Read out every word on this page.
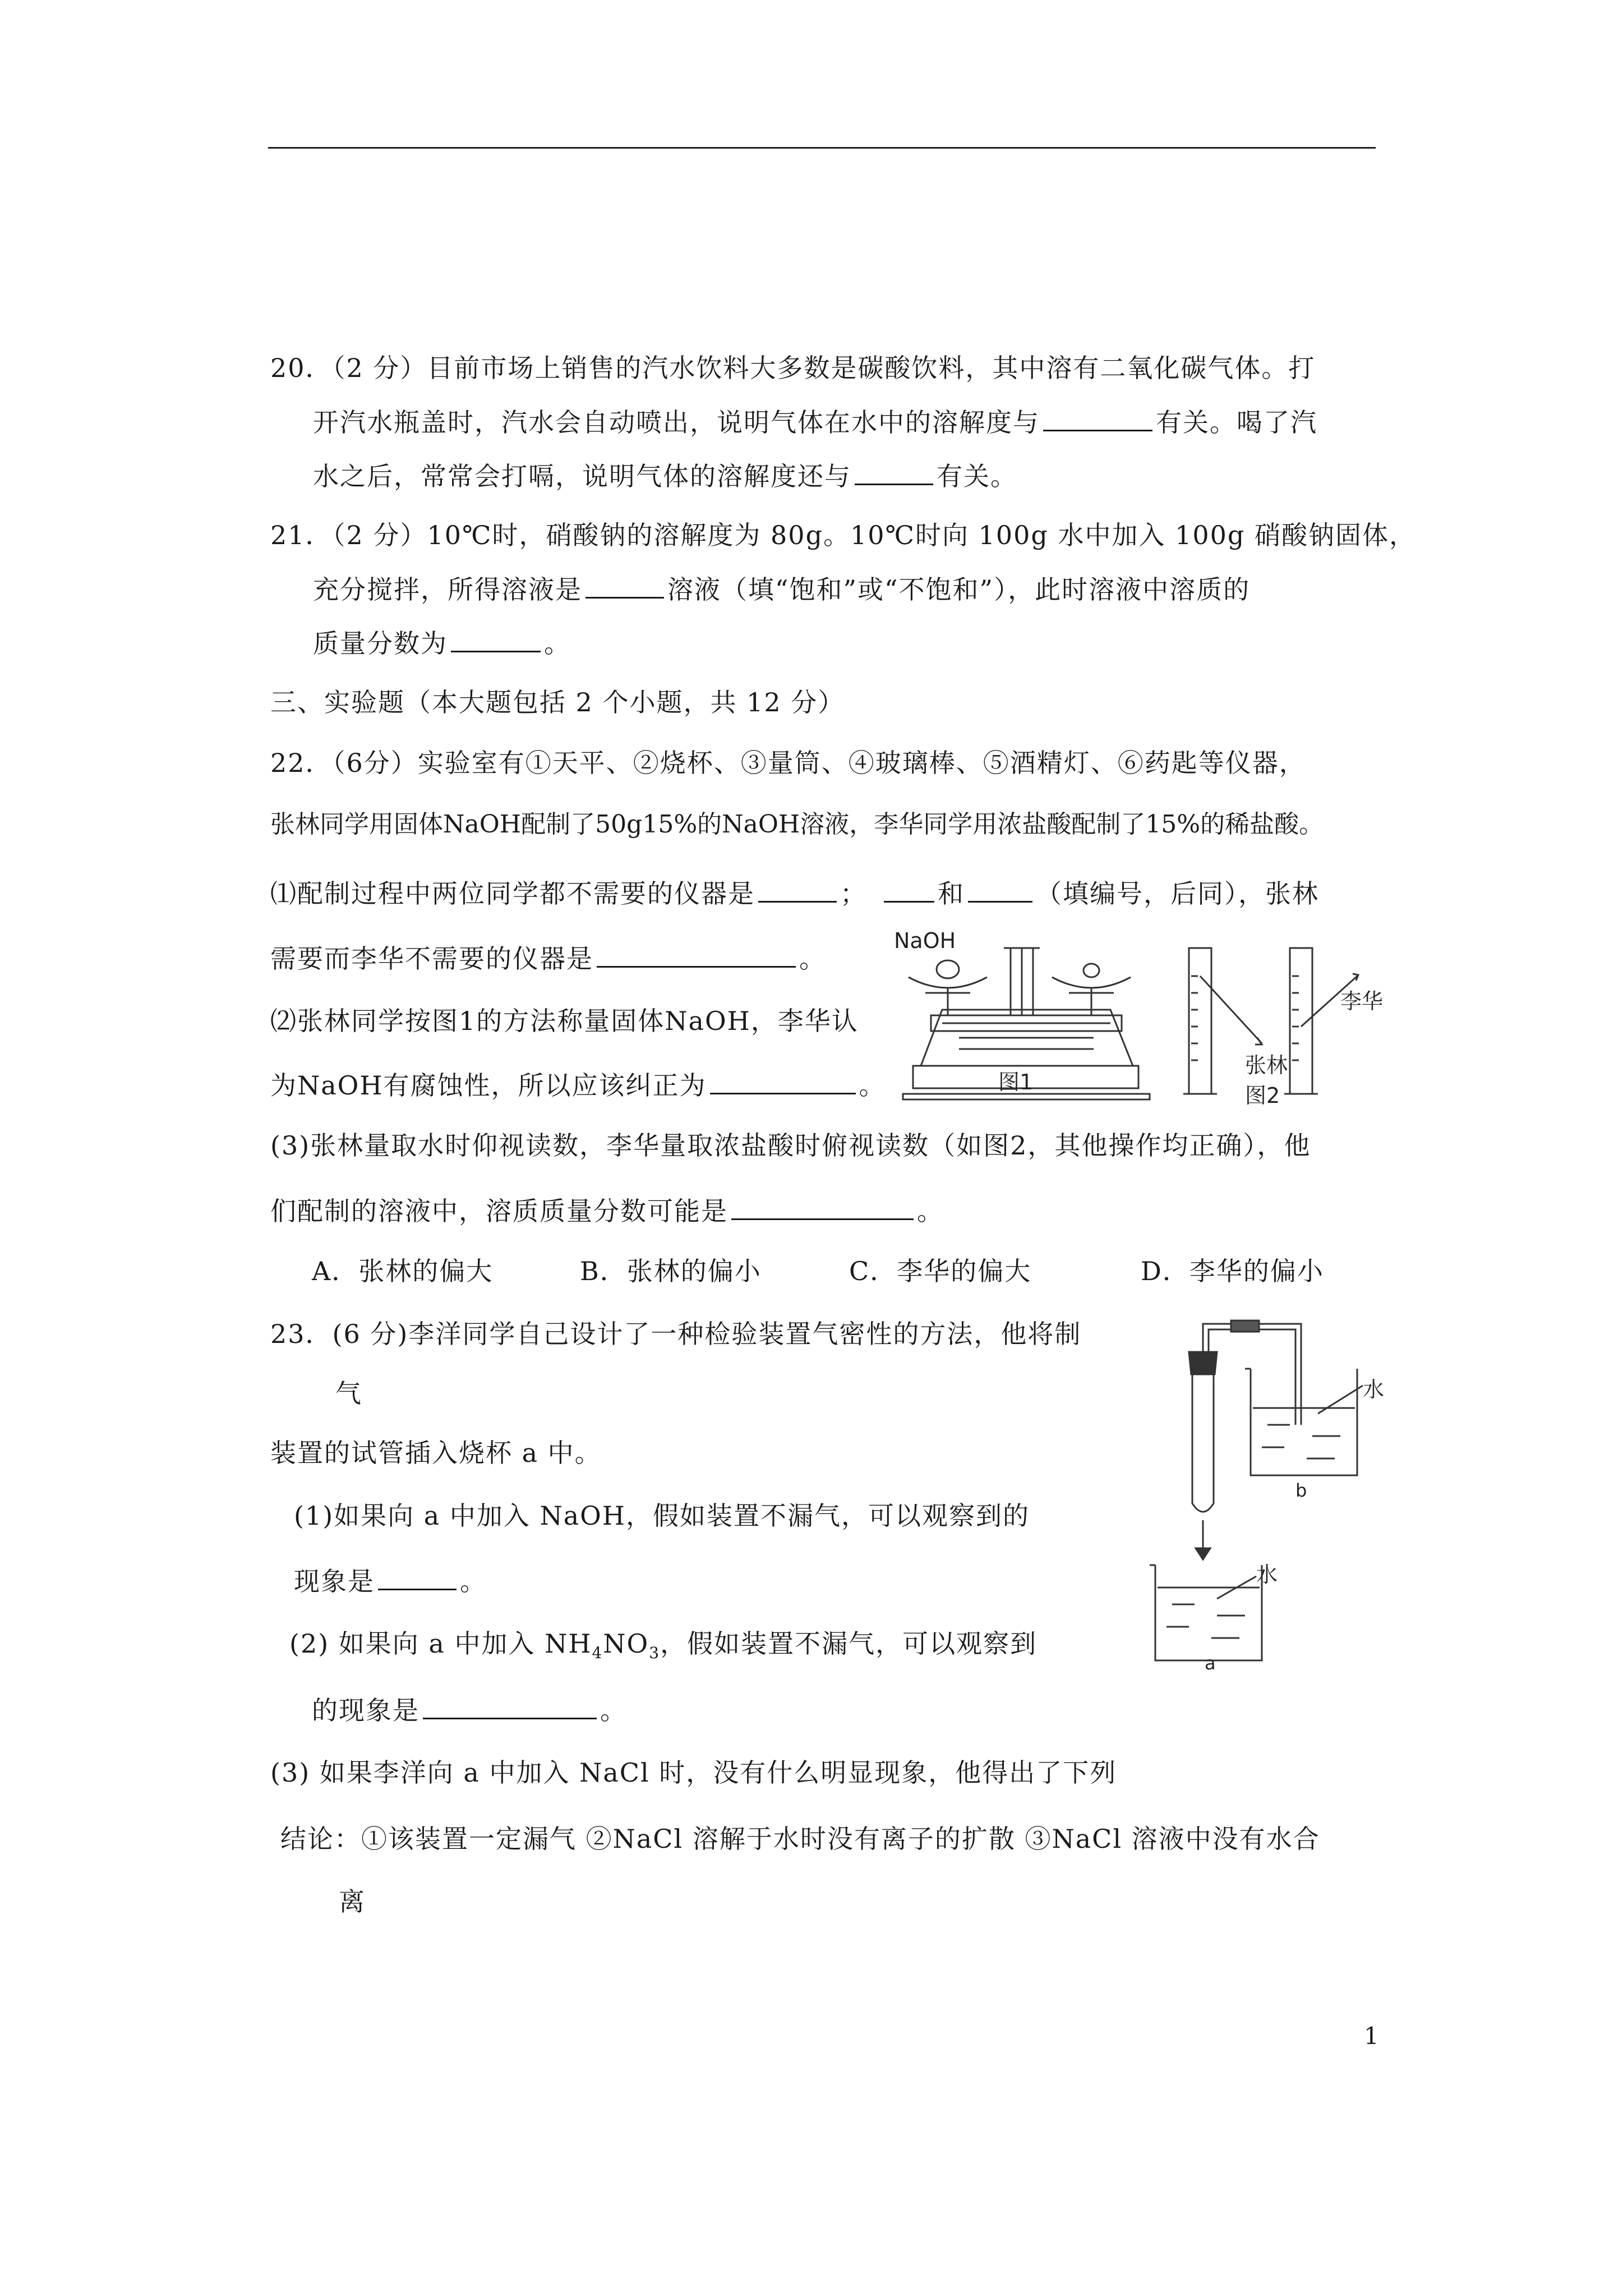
20．（2 分）目前市场上销售的汽水饮料大多数是碳酸饮料，其中溶有二氧化碳气体。打
开汽水瓶盖时，汽水会自动喷出，说明气体在水中的溶解度与	有关。喝了汽
水之后，常常会打嗝，说明气体的溶解度还与	有关。
21．（2 分）10℃时，硝酸钠的溶解度为 80g。10℃时向 100g 水中加入 100g 硝酸钠固体，
充分搅拌，所得溶液是	溶液（填“饱和”或“不饱和”），此时溶液中溶质的
质量分数为	。
三、实验题（本大题包括 2 个小题，共 12 分）
22．（6分）实验室有①天平、②烧杯、③量筒、④玻璃棒、⑤酒精灯、⑥药匙等仪器，
张林同学用固体NaOH配制了50g15%的NaOH溶液，李华同学用浓盐酸配制了15%的稀盐酸。
⑴配制过程中两位同学都不需要的仪器是	；	和	（填编号，后同），张林
需要而李华不需要的仪器是	。
⑵张林同学按图1的方法称量固体NaOH，李华认
为NaOH有腐蚀性，所以应该纠正为	。
(3)张林量取水时仰视读数，李华量取浓盐酸时俯视读数（如图2，其他操作均正确），他
们配制的溶液中，溶质质量分数可能是	。
A．张林的偏大	B．张林的偏小	C．李华的偏大	D．李华的偏小
NaOH
图1
张林
李华
图2
23．(6 分)李洋同学自己设计了一种检验装置气密性的方法，他将制
气
装置的试管插入烧杯 a 中。
(1)如果向 a 中加入 NaOH，假如装置不漏气，可以观察到的
现象是	。
(2) 如果向 a 中加入 $NH_4NO_3$，假如装置不漏气，可以观察到
的现象是	。
(3) 如果李洋向 a 中加入 NaCl 时，没有什么明显现象，他得出了下列
结论：①该装置一定漏气 ②NaCl 溶解于水时没有离子的扩散 ③NaCl 溶液中没有水合
离
水
b
水
a
1
